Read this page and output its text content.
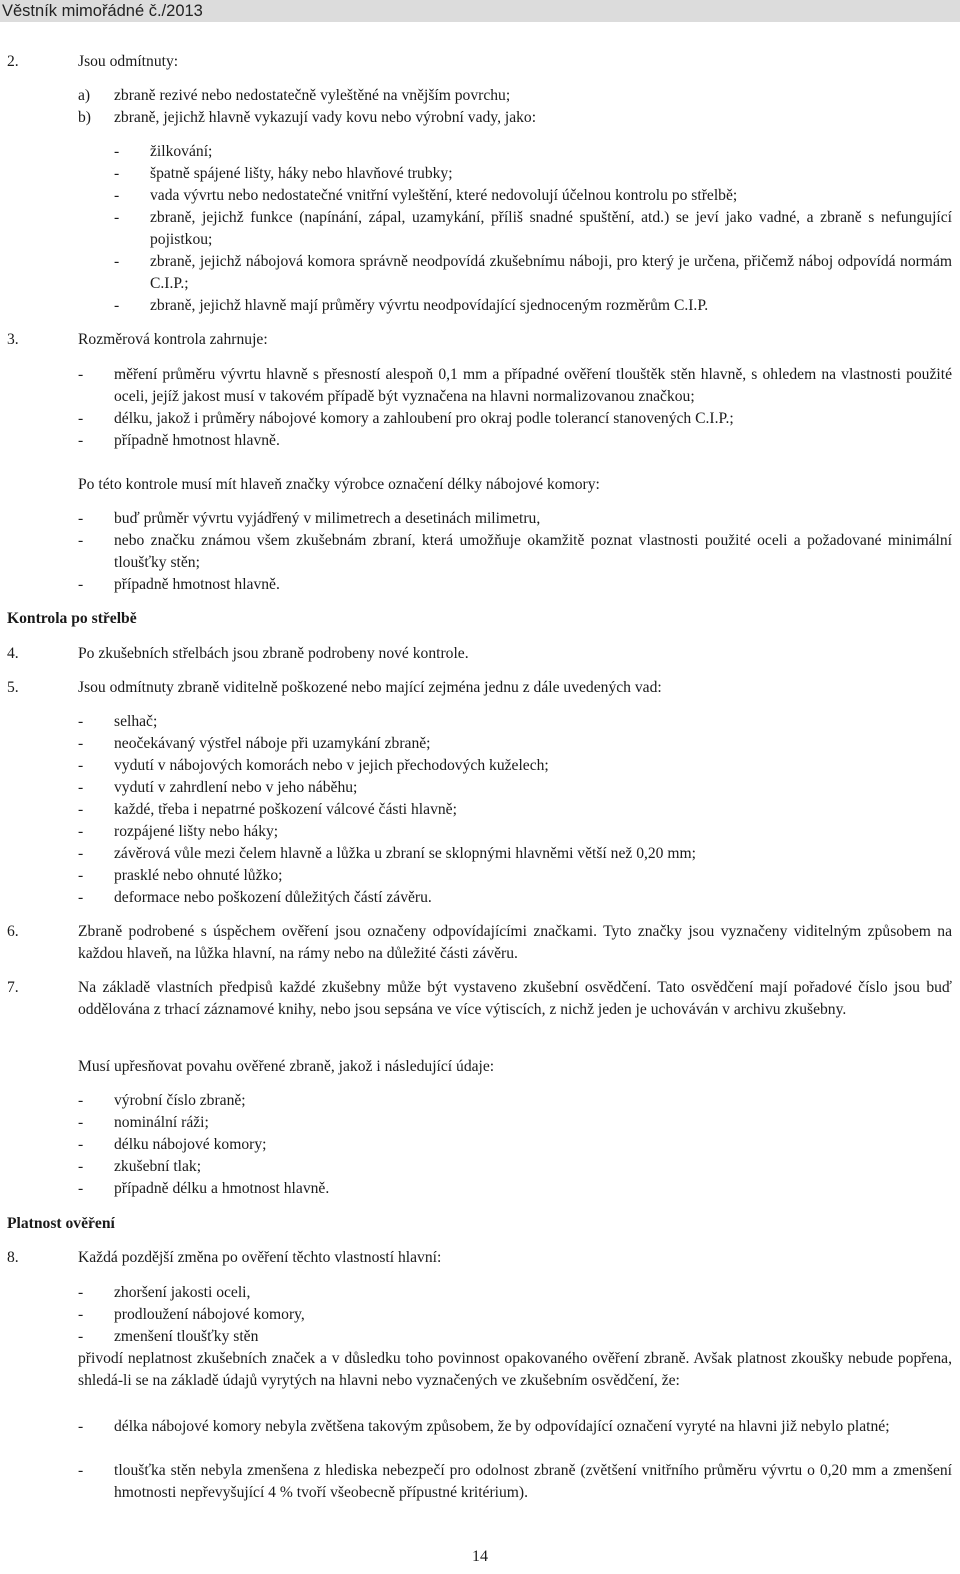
Věstník mimořádné č./2013
2.	Jsou odmítnuty:
a) zbraně rezivé nebo nedostatečně vyleštěné na vnějším povrchu;
b) zbraně, jejichž hlavně vykazují vady kovu nebo výrobní vady, jako:
- žilkování;
- špatně spájené lišty, háky nebo hlavňové trubky;
- vada vývrtu nebo nedostatečné vnitřní vyleštění, které nedovolují účelnou kontrolu po střelbě;
- zbraně, jejichž funkce (napínání, zápal, uzamykání, příliš snadné spuštění, atd.) se jeví jako vadné, a zbraně s nefungující pojistkou;
- zbraně, jejichž nábojová komora správně neodpovídá zkušebnímu náboji, pro který je určena, přičemž náboj odpovídá normám C.I.P.;
- zbraně, jejichž hlavně mají průměry vývrtu neodpovídající sjednoceným rozměrům C.I.P.
3.	Rozměrová kontrola zahrnuje:
- měření průměru vývrtu hlavně s přesností alespoň 0,1 mm a případné ověření tlouštěk stěn hlavně, s ohledem na vlastnosti použité oceli, jejíž jakost musí v takovém případě být vyznačena na hlavni normalizovanou značkou;
- délku, jakož i průměry nábojové komory a zahloubení pro okraj podle tolerancí stanovených C.I.P.;
- případně hmotnost hlavně.
Po této kontrole musí mít hlaveň značky výrobce označení délky nábojové komory:
- buď průměr vývrtu vyjádřený v milimetrech a desetinách milimetru,
- nebo značku známou všem zkušebnám zbraní, která umožňuje okamžitě poznat vlastnosti použité oceli a požadované minimální tloušťky stěn;
- případně hmotnost hlavně.
Kontrola po střelbě
4.	Po zkušebních střelbách jsou zbraně podrobeny nové kontrole.
5.	Jsou odmítnuty zbraně viditelně poškozené nebo mající zejména jednu z dále uvedených vad:
- selhač;
- neočekávaný výstřel náboje při uzamykání zbraně;
- vydutí v nábojových komorách nebo v jejich přechodových kuželech;
- vydutí v zahrdlení nebo v jeho náběhu;
- každé, třeba i nepatrné poškození válcové části hlavně;
- rozpájené lišty nebo háky;
- závěrová vůle mezi čelem hlavně a lůžka u zbraní se sklopnými hlavněmi větší než 0,20 mm;
- prasklé nebo ohnuté lůžko;
- deformace nebo poškození důležitých částí závěru.
6.	Zbraně podrobené s úspěchem ověření jsou označeny odpovídajícími značkami. Tyto značky jsou vyznačeny viditelným způsobem na každou hlaveň, na lůžka hlavní, na rámy nebo na důležité části závěru.
7.	Na základě vlastních předpisů každé zkušebny může být vystaveno zkušební osvědčení. Tato osvědčení mají pořadové číslo jsou buď oddělována z trhací záznamové knihy, nebo jsou sepsána ve více výtiscích, z nichž jeden je uchováván v archivu zkušebny.
Musí upřesňovat povahu ověřené zbraně, jakož i následující údaje:
- výrobní číslo zbraně;
- nominální ráži;
- délku nábojové komory;
- zkušební tlak;
- případně délku a hmotnost hlavně.
Platnost ověření
8.	Každá pozdější změna po ověření těchto vlastností hlavní:
- zhoršení jakosti oceli,
- prodloužení nábojové komory,
- zmenšení tloušťky stěn
přivodí neplatnost zkušebních značek a v důsledku toho povinnost opakovaného ověření zbraně. Avšak platnost zkoušky nebude popřena, shledá-li se na základě údajů vyrytých na hlavni nebo vyznačených ve zkušebním osvědčení, že:
- délka nábojové komory nebyla zvětšena takovým způsobem, že by odpovídající označení vyryté na hlavni již nebylo platné;
- tloušťka stěn nebyla zmenšena z hlediska nebezpečí pro odolnost zbraně (zvětšení vnitřního průměru vývrtu o 0,20 mm a zmenšení hmotnosti nepřevyšující 4 % tvoří všeobecně přípustné kritérium).
14
